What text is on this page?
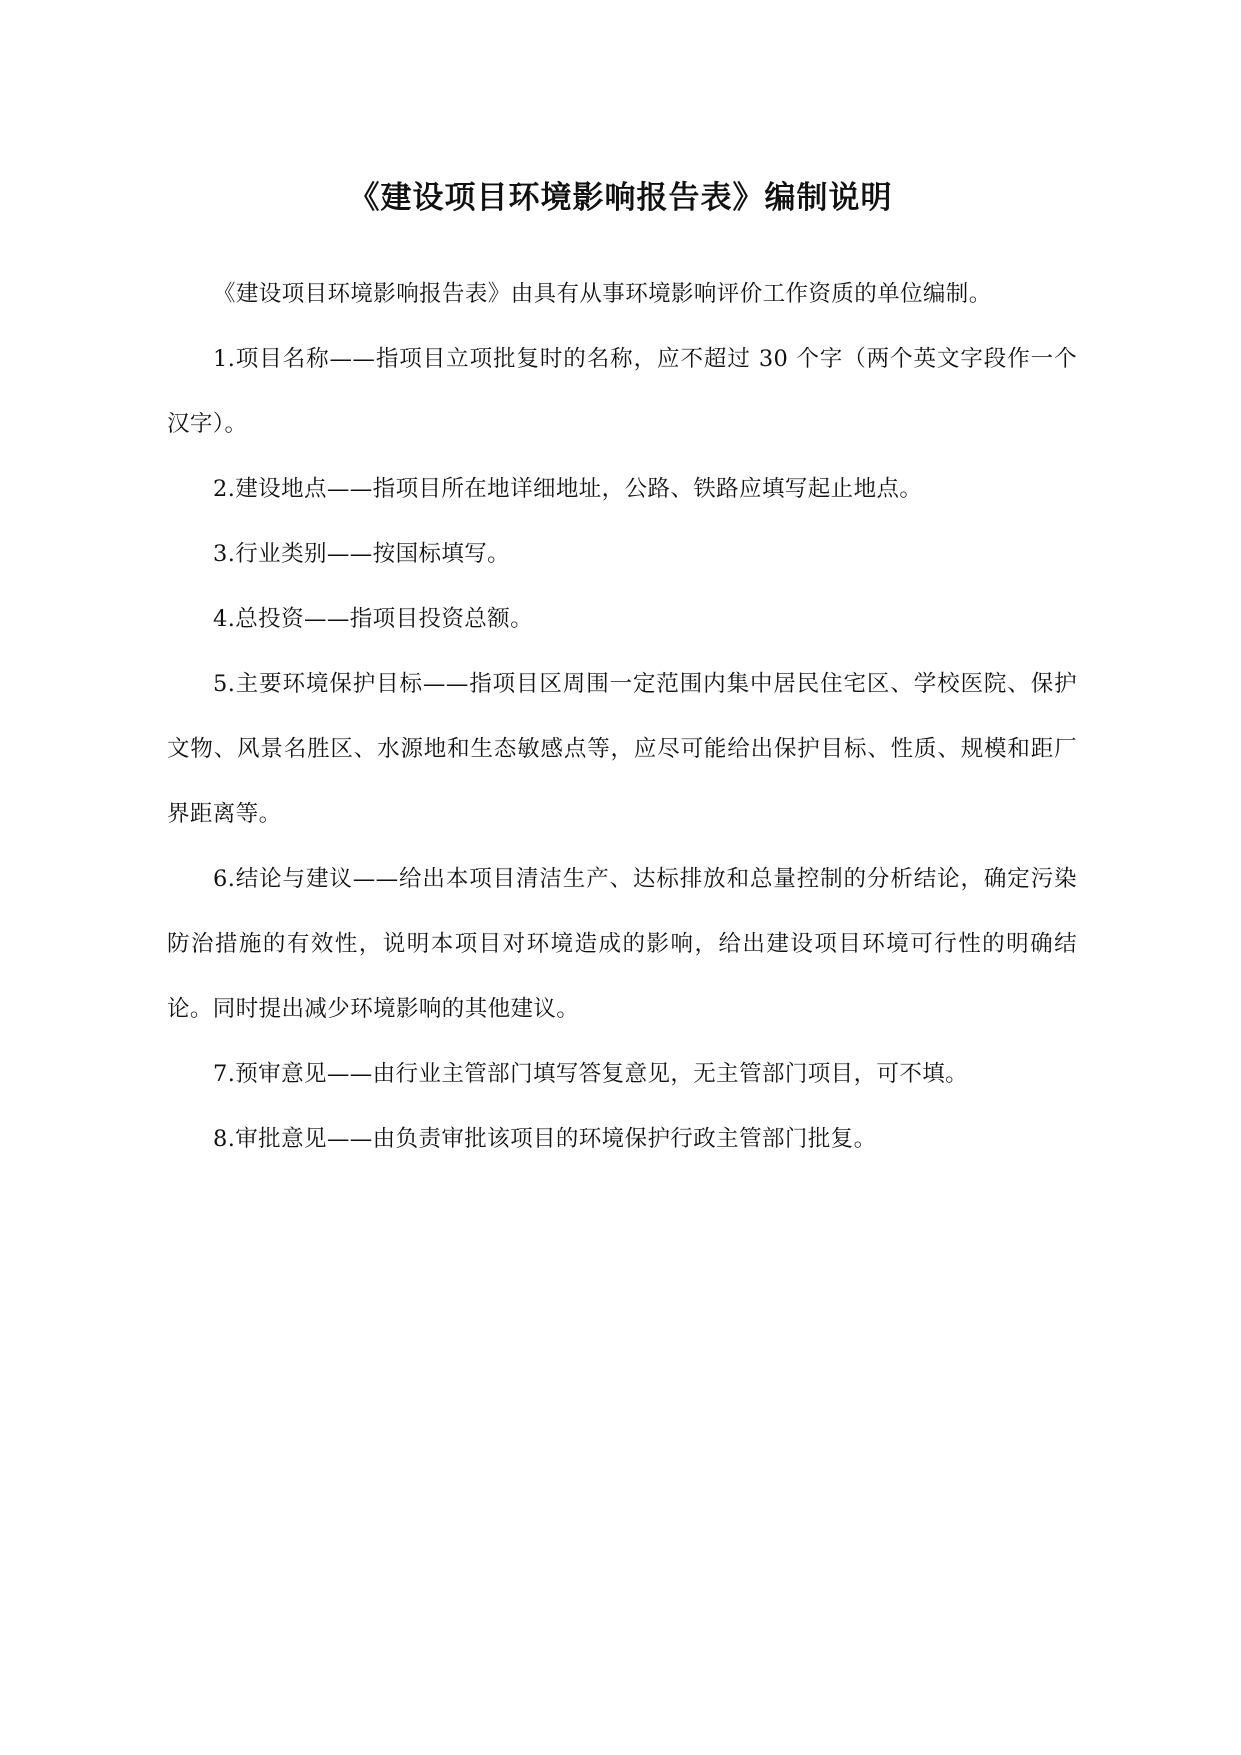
《建设项目环境影响报告表》编制说明

《建设项目环境影响报告表》由具有从事环境影响评价工作资质的单位编制。

1.项目名称——指项目立项批复时的名称，应不超过 30 个字（两个英文字段作一个汉字）。

2.建设地点——指项目所在地详细地址，公路、铁路应填写起止地点。

3.行业类别——按国标填写。

4.总投资——指项目投资总额。

5.主要环境保护目标——指项目区周围一定范围内集中居民住宅区、学校医院、保护文物、风景名胜区、水源地和生态敏感点等，应尽可能给出保护目标、性质、规模和距厂界距离等。

6.结论与建议——给出本项目清洁生产、达标排放和总量控制的分析结论，确定污染防治措施的有效性，说明本项目对环境造成的影响，给出建设项目环境可行性的明确结论。同时提出减少环境影响的其他建议。

7.预审意见——由行业主管部门填写答复意见，无主管部门项目，可不填。

8.审批意见——由负责审批该项目的环境保护行政主管部门批复。
